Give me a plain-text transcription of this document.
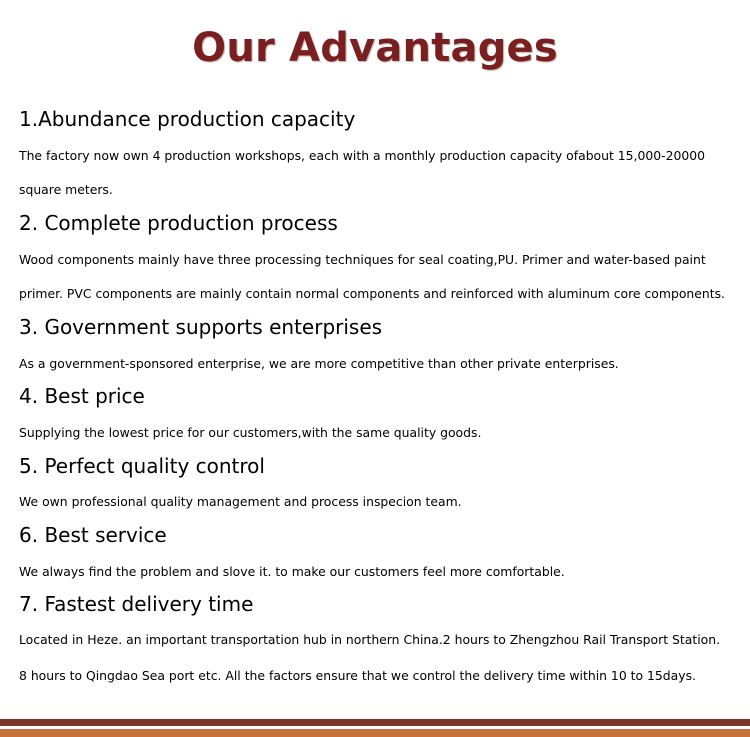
Our Advantages
1.Abundance production capacity

The factory now own 4 production workshops, each with a monthly production capacity ofabout 15,000-20000

square meters.

2. Complete production process

Wood components mainly have three processing techniques for seal coating,PU. Primer and water-based paint

primer. PVC components are mainly contain normal components and reinforced with aluminum core components.

3. Government supports enterprises

As a government-sponsored enterprise, we are more competitive than other private enterprises.

4. Best price

Supplying the lowest price for our customers,with the same quality goods.

5. Perfect quality control

We own professional quality management and process inspecion team.

6. Best service

We always find the problem and slove it. to make our customers feel more comfortable.

7. Fastest delivery time

Located in Heze. an important transportation hub in northern China.2 hours to Zhengzhou Rail Transport Station.

8 hours to Qingdao Sea port etc. All the factors ensure that we control the delivery time within 10 to 15days.
